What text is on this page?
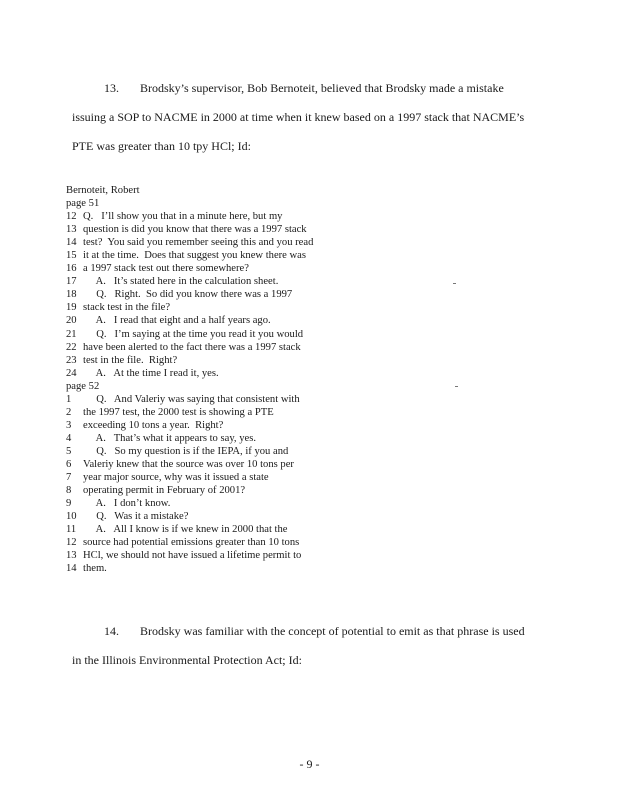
13. Brodsky’s supervisor, Bob Bernoteit, believed that Brodsky made a mistake
issuing a SOP to NACME in 2000 at time when it knew based on a 1997 stack that NACME’s
PTE was greater than 10 tpy HCl; Id:
Bernoteit, Robert
page 51
12 Q.   I’ll show you that in a minute here, but my
13 question is did you know that there was a 1997 stack
14 test?  You said you remember seeing this and you read
15 it at the time.  Does that suggest you knew there was
16 a 1997 stack test out there somewhere?
17     A.   It’s stated here in the calculation sheet.
18     Q.   Right.  So did you know there was a 1997
19 stack test in the file?
20     A.   I read that eight and a half years ago.
21     Q.   I’m saying at the time you read it you would
22 have been alerted to the fact there was a 1997 stack
23 test in the file.  Right?
24     A.   At the time I read it, yes.
page 52
1     Q.   And Valeriy was saying that consistent with
2 the 1997 test, the 2000 test is showing a PTE
3 exceeding 10 tons a year.  Right?
4     A.   That’s what it appears to say, yes.
5     Q.   So my question is if the IEPA, if you and
6 Valeriy knew that the source was over 10 tons per
7 year major source, why was it issued a state
8 operating permit in February of 2001?
9     A.   I don’t know.
10     Q.   Was it a mistake?
11     A.   All I know is if we knew in 2000 that the
12 source had potential emissions greater than 10 tons
13 HCl, we should not have issued a lifetime permit to
14 them.
14. Brodsky was familiar with the concept of potential to emit as that phrase is used
in the Illinois Environmental Protection Act; Id:
- 9 -
